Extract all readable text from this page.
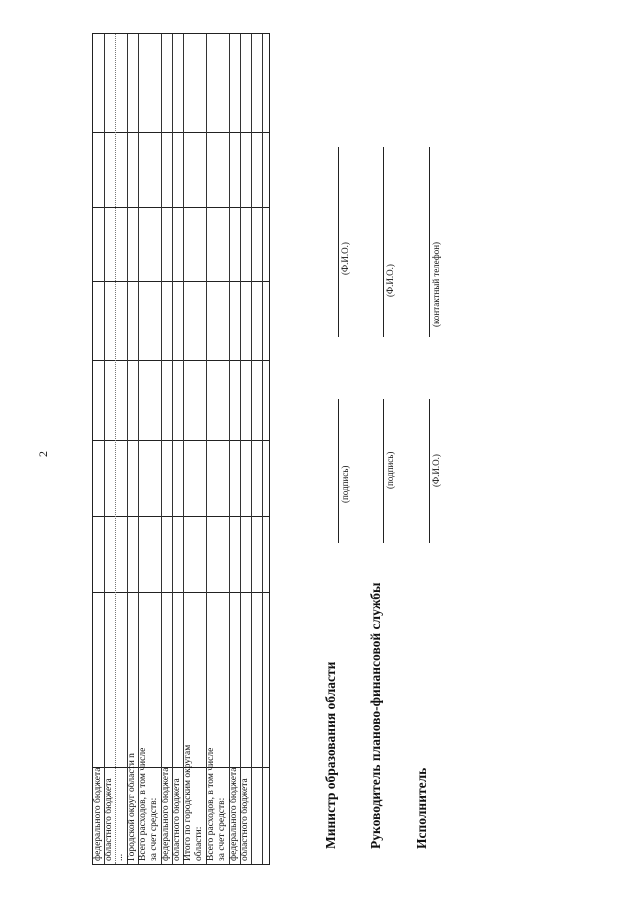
2
федерального бюджета областного бюджета ... Городской округ области n Всего расходов, в том числе за счет средств: федерального бюджета областного бюджета Итого по городским округам области: Всего расходов, в том числе за счет средств: федерального бюджета областного бюджета	Министр образования области
(подпись)
(Ф.И.О.)
Руководитель планово-финансовой службы
(подпись)
(Ф.И.О.)
Исполнитель
(Ф.И.О.)
(контактный телефон)
